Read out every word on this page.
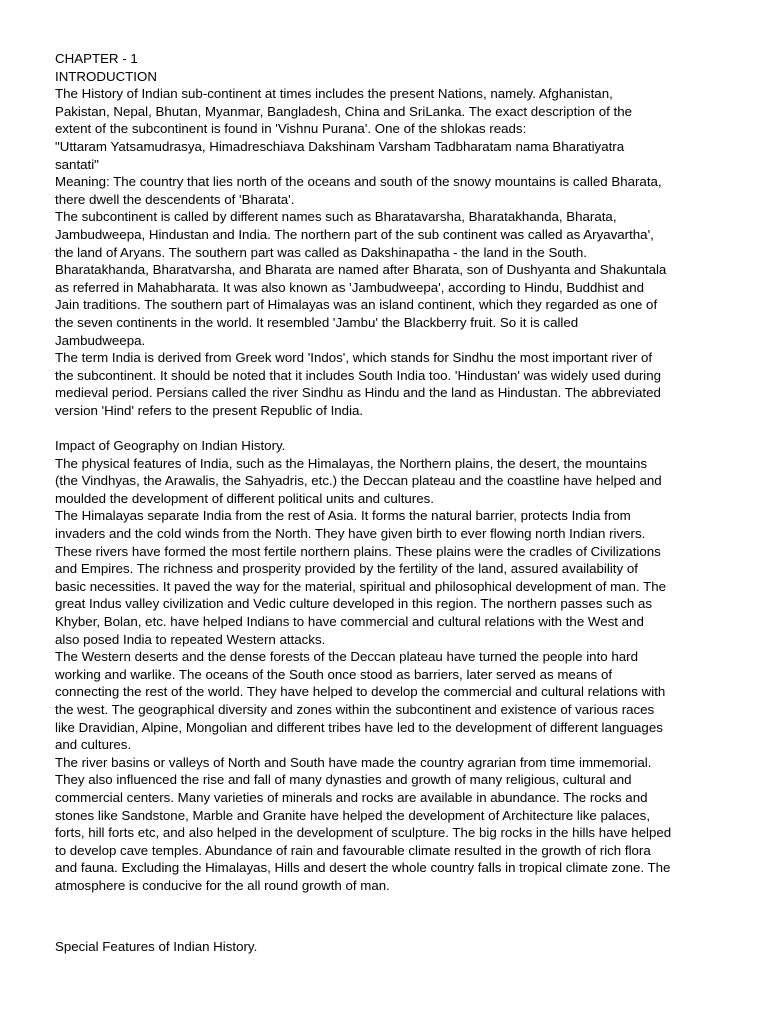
CHAPTER - 1
INTRODUCTION
The History of Indian sub-continent at times includes the present Nations, namely. Afghanistan,
Pakistan, Nepal, Bhutan, Myanmar, Bangladesh, China and SriLanka. The exact description of the
extent of the subcontinent is found in 'Vishnu Purana'. One of the shlokas reads:
"Uttaram Yatsamudrasya, Himadreschiava Dakshinam Varsham Tadbharatam nama Bharatiyatra
santati"
Meaning: The country that lies north of the oceans and south of the snowy mountains is called Bharata,
there dwell the descendents of 'Bharata'.
The subcontinent is called by different names such as Bharatavarsha, Bharatakhanda, Bharata,
Jambudweepa, Hindustan and India. The northern part of the sub continent was called as Aryavartha',
the land of Aryans. The southern part was called as Dakshinapatha - the land in the South.
Bharatakhanda, Bharatvarsha, and Bharata are named after Bharata, son of Dushyanta and Shakuntala
as referred in Mahabharata. It was also known as 'Jambudweepa', according to Hindu, Buddhist and
Jain traditions. The southern part of Himalayas was an island continent, which they regarded as one of
the seven continents in the world. It resembled 'Jambu' the Blackberry fruit. So it is called
Jambudweepa.
The term India is derived from Greek word 'Indos', which stands for Sindhu the most important river of
the subcontinent. It should be noted that it includes South India too. 'Hindustan' was widely used during
medieval period. Persians called the river Sindhu as Hindu and the land as Hindustan. The abbreviated
version 'Hind' refers to the present Republic of India.
Impact of Geography on Indian History.
The physical features of India, such as the Himalayas, the Northern plains, the desert, the mountains
(the Vindhyas, the Arawalis, the Sahyadris, etc.) the Deccan plateau and the coastline have helped and
moulded the development of different political units and cultures.
The Himalayas separate India from the rest of Asia. It forms the natural barrier, protects India from
invaders and the cold winds from the North. They have given birth to ever flowing north Indian rivers.
These rivers have formed the most fertile northern plains. These plains were the cradles of Civilizations
and Empires. The richness and prosperity provided by the fertility of the land, assured availability of
basic necessities. It paved the way for the material, spiritual and philosophical development of man. The
great Indus valley civilization and Vedic culture developed in this region. The northern passes such as
Khyber, Bolan, etc. have helped Indians to have commercial and cultural relations with the West and
also posed India to repeated Western attacks.
The Western deserts and the dense forests of the Deccan plateau have turned the people into hard
working and warlike. The oceans of the South once stood as barriers, later served as means of
connecting the rest of the world. They have helped to develop the commercial and cultural relations with
the west. The geographical diversity and zones within the subcontinent and existence of various races
like Dravidian, Alpine, Mongolian and different tribes have led to the development of different languages
and cultures.
The river basins or valleys of North and South have made the country agrarian from time immemorial.
They also influenced the rise and fall of many dynasties and growth of many religious, cultural and
commercial centers. Many varieties of minerals and rocks are available in abundance. The rocks and
stones like Sandstone, Marble and Granite have helped the development of Architecture like palaces,
forts, hill forts etc, and also helped in the development of sculpture. The big rocks in the hills have helped
to develop cave temples. Abundance of rain and favourable climate resulted in the growth of rich flora
and fauna. Excluding the Himalayas, Hills and desert the whole country falls in tropical climate zone. The
atmosphere is conducive for the all round growth of man.
Special Features of Indian History.
